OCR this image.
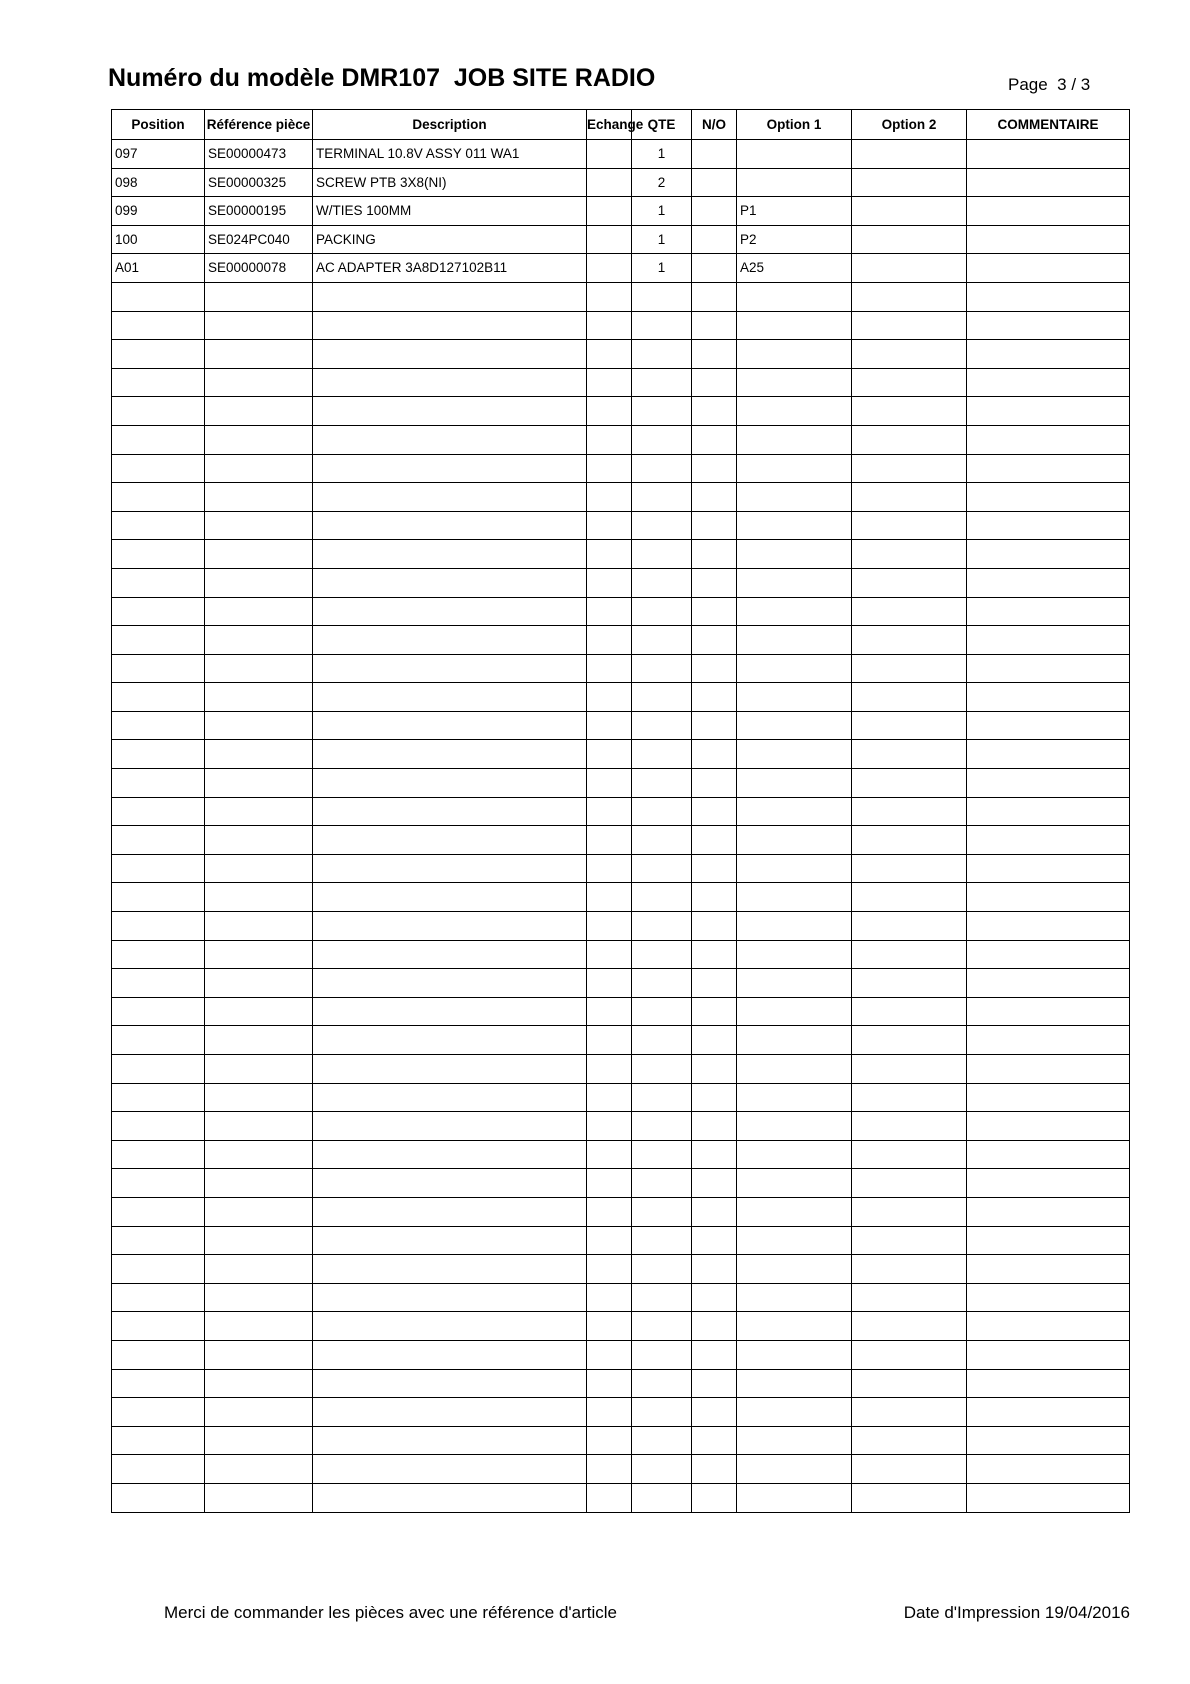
Numéro du modèle DMR107  JOB SITE RADIO	Page  3 / 3
Position	Référence pièce	Description	Echange	QTE	N/O	Option 1	Option 2	COMMENTAIRE
097	SE00000473	TERMINAL 10.8V ASSY 011 WA1		1				
098	SE00000325	SCREW PTB 3X8(NI)		2				
099	SE00000195	W/TIES 100MM		1		P1		
100	SE024PC040	PACKING		1		P2		
A01	SE00000078	AC ADAPTER 3A8D127102B11		1		A25		

Merci de commander les pièces avec une référence d'article	Date d'Impression 19/04/2016
